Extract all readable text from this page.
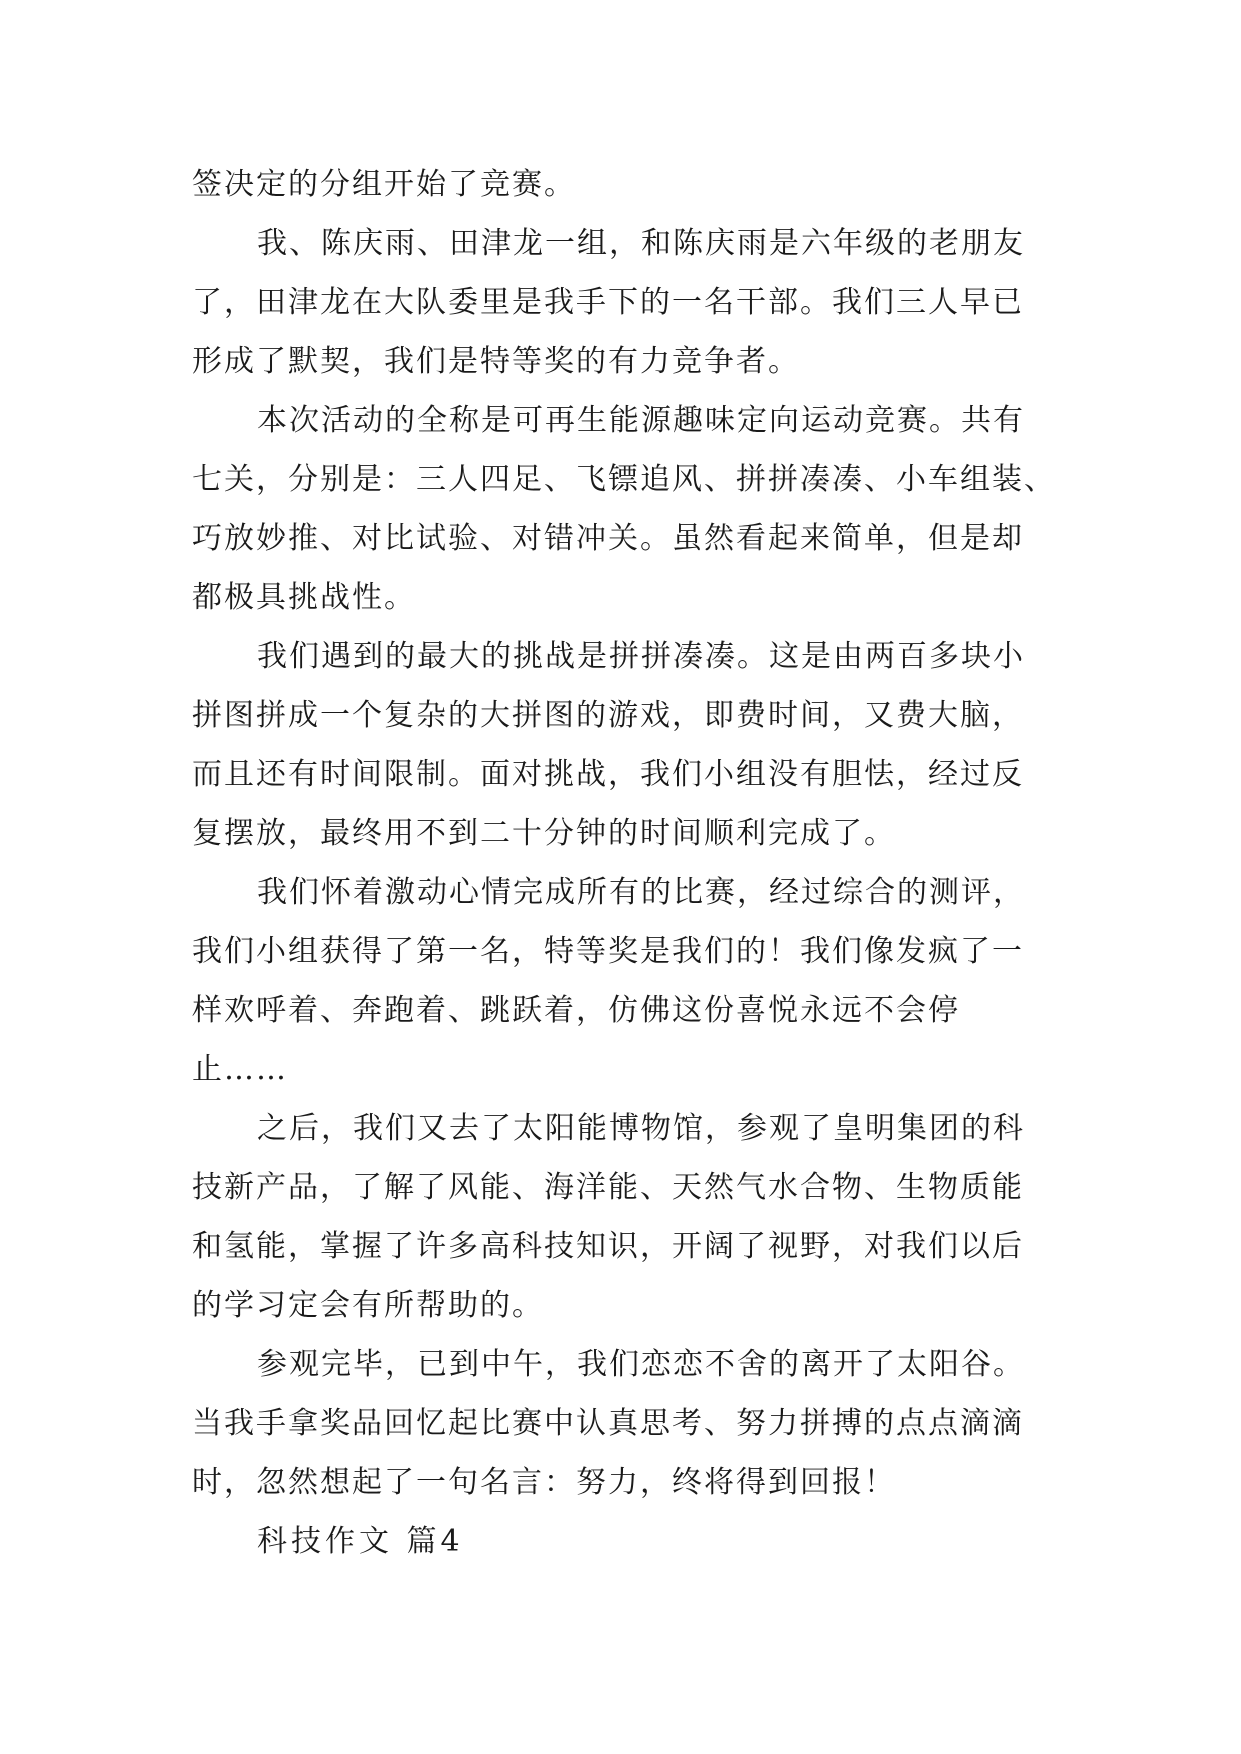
签决定的分组开始了竞赛。
我、陈庆雨、田津龙一组，和陈庆雨是六年级的老朋友
了，田津龙在大队委里是我手下的一名干部。我们三人早已
形成了默契，我们是特等奖的有力竞争者。
本次活动的全称是可再生能源趣味定向运动竞赛。共有
七关，分别是：三人四足、飞镖追风、拼拼凑凑、小车组装、
巧放妙推、对比试验、对错冲关。虽然看起来简单，但是却
都极具挑战性。
我们遇到的最大的挑战是拼拼凑凑。这是由两百多块小
拼图拼成一个复杂的大拼图的游戏，即费时间，又费大脑，
而且还有时间限制。面对挑战，我们小组没有胆怯，经过反
复摆放，最终用不到二十分钟的时间顺利完成了。
我们怀着激动心情完成所有的比赛，经过综合的测评，
我们小组获得了第一名，特等奖是我们的！我们像发疯了一
样欢呼着、奔跑着、跳跃着，仿佛这份喜悦永远不会停
止……
之后，我们又去了太阳能博物馆，参观了皇明集团的科
技新产品，了解了风能、海洋能、天然气水合物、生物质能
和氢能，掌握了许多高科技知识，开阔了视野，对我们以后
的学习定会有所帮助的。
参观完毕，已到中午，我们恋恋不舍的离开了太阳谷。
当我手拿奖品回忆起比赛中认真思考、努力拼搏的点点滴滴
时，忽然想起了一句名言：努力，终将得到回报！
科技作文 篇4
